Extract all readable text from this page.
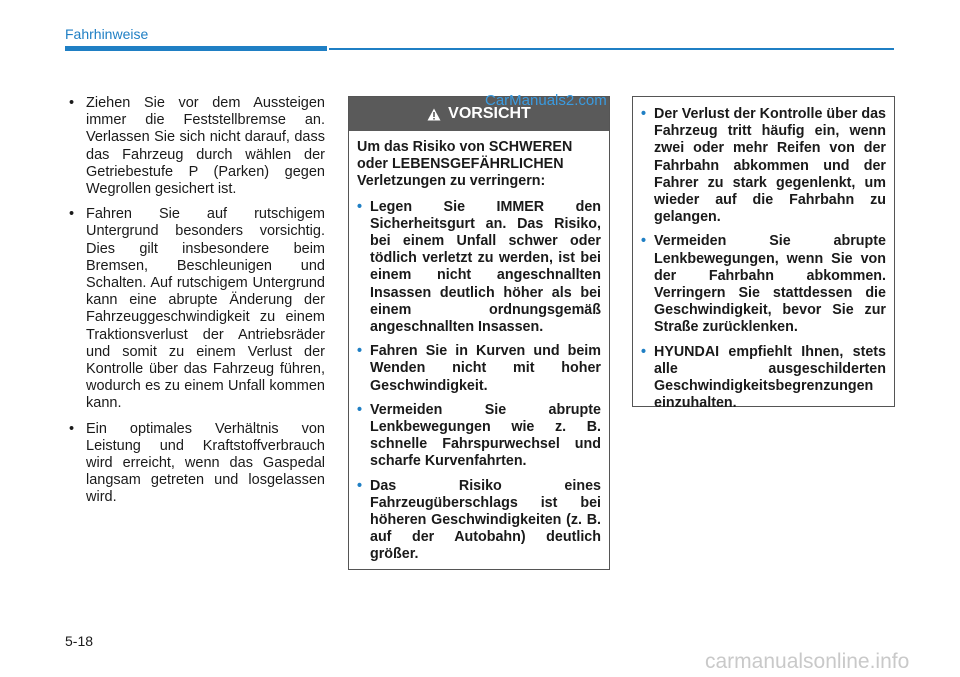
Fahrhinweise
• Ziehen Sie vor dem Aussteigen immer die Feststellbremse an. Verlassen Sie sich nicht darauf, dass das Fahrzeug durch wählen der Getriebestufe P (Parken) gegen Wegrollen gesichert ist.
• Fahren Sie auf rutschigem Untergrund besonders vorsichtig. Dies gilt insbesondere beim Bremsen, Beschleunigen und Schalten. Auf rutschigem Untergrund kann eine abrupte Änderung der Fahrzeuggeschwindigkeit zu einem Traktionsverlust der Antriebsräder und somit zu einem Verlust der Kontrolle über das Fahrzeug führen, wodurch es zu einem Unfall kommen kann.
• Ein optimales Verhältnis von Leistung und Kraftstoffverbrauch wird erreicht, wenn das Gaspedal langsam getreten und losgelassen wird.
VORSICHT
Um das Risiko von SCHWEREN oder LEBENSGEFÄHRLICHEN Verletzungen zu verringern:
• Legen Sie IMMER den Sicherheitsgurt an. Das Risiko, bei einem Unfall schwer oder tödlich verletzt zu werden, ist bei einem nicht angeschnallten Insassen deutlich höher als bei einem ordnungsgemäß angeschnallten Insassen.
• Fahren Sie in Kurven und beim Wenden nicht mit hoher Geschwindigkeit.
• Vermeiden Sie abrupte Lenkbewegungen wie z. B. schnelle Fahrspurwechsel und scharfe Kurvenfahrten.
• Das Risiko eines Fahrzeugüberschlags ist bei höheren Geschwindigkeiten (z. B. auf der Autobahn) deutlich größer.
• Der Verlust der Kontrolle über das Fahrzeug tritt häufig ein, wenn zwei oder mehr Reifen von der Fahrbahn abkommen und der Fahrer zu stark gegenlenkt, um wieder auf die Fahrbahn zu gelangen.
• Vermeiden Sie abrupte Lenkbewegungen, wenn Sie von der Fahrbahn abkommen. Verringern Sie stattdessen die Geschwindigkeit, bevor Sie zur Straße zurücklenken.
• HYUNDAI empfiehlt Ihnen, stets alle ausgeschilderten Geschwindigkeitsbegrenzungen einzuhalten.
CarManuals2.com
5-18
carmanualsonline.info
